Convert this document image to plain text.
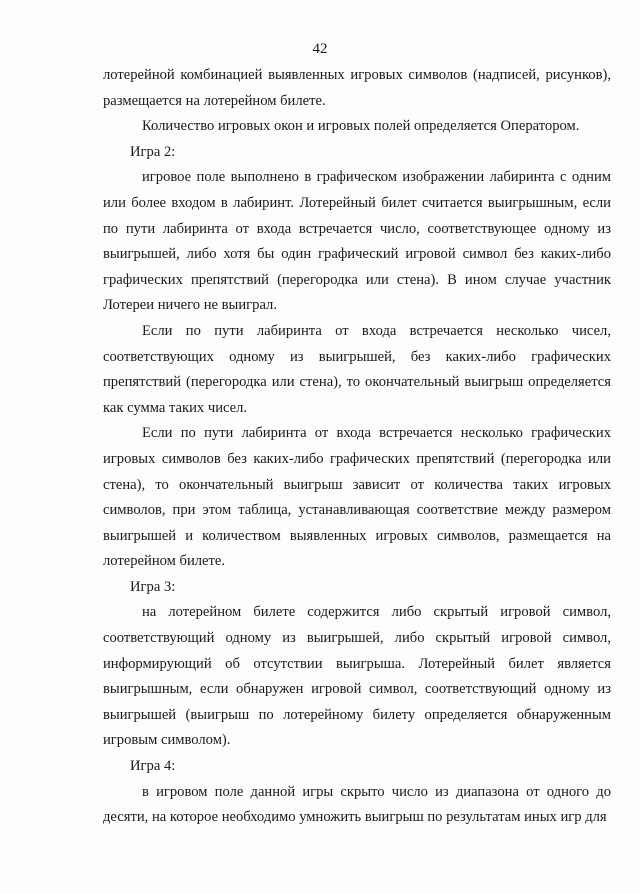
42

лотерейной комбинацией выявленных игровых символов (надписей, рисунков), размещается на лотерейном билете.

Количество игровых окон и игровых полей определяется Оператором.

Игра 2:

игровое поле выполнено в графическом изображении лабиринта с одним или более входом в лабиринт. Лотерейный билет считается выигрышным, если по пути лабиринта от входа встречается число, соответствующее одному из выигрышей, либо хотя бы один графический игровой символ без каких-либо графических препятствий (перегородка или стена). В ином случае участник Лотереи ничего не выиграл.

Если по пути лабиринта от входа встречается несколько чисел, соответствующих одному из выигрышей, без каких-либо графических препятствий (перегородка или стена), то окончательный выигрыш определяется как сумма таких чисел.

Если по пути лабиринта от входа встречается несколько графических игровых символов без каких-либо графических препятствий (перегородка или стена), то окончательный выигрыш зависит от количества таких игровых символов, при этом таблица, устанавливающая соответствие между размером выигрышей и количеством выявленных игровых символов, размещается на лотерейном билете.

Игра 3:

на лотерейном билете содержится либо скрытый игровой символ, соответствующий одному из выигрышей, либо скрытый игровой символ, информирующий об отсутствии выигрыша. Лотерейный билет является выигрышным, если обнаружен игровой символ, соответствующий одному из выигрышей (выигрыш по лотерейному билету определяется обнаруженным игровым символом).

Игра 4:

в игровом поле данной игры скрыто число из диапазона от одного до десяти, на которое необходимо умножить выигрыш по результатам иных игр для
